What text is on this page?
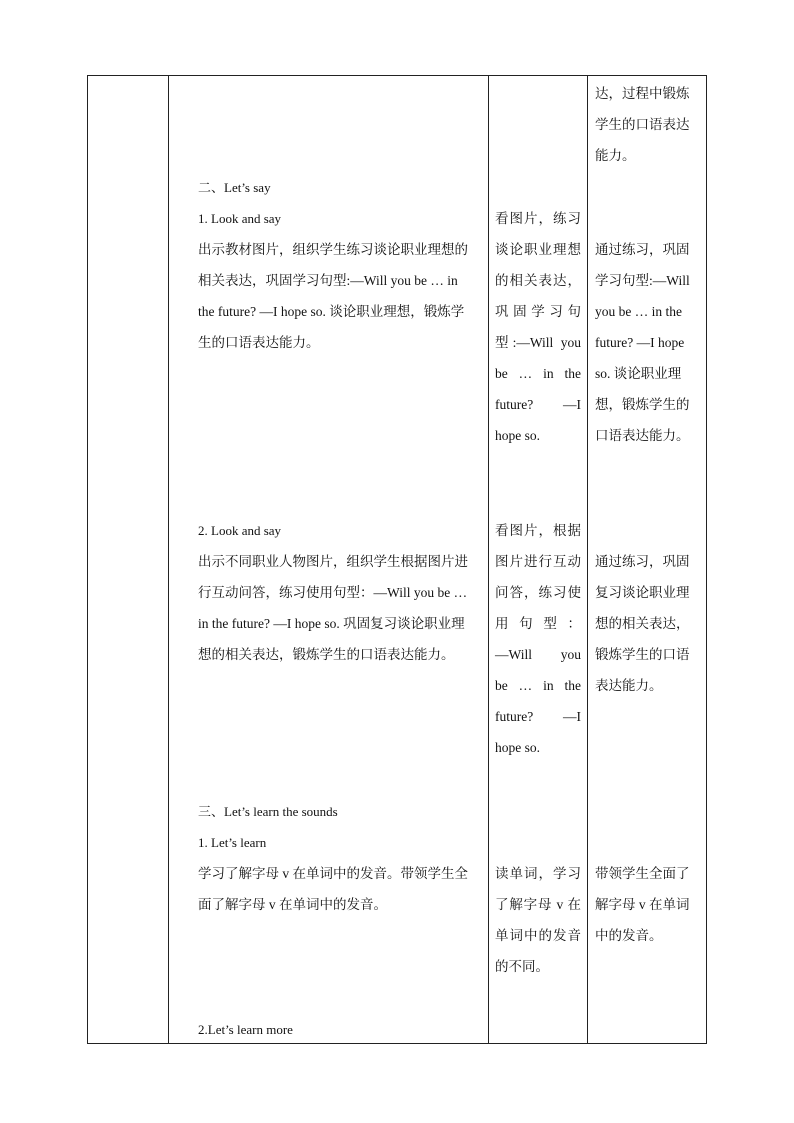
达，过程中锻炼

学生的口语表达

能力。

二、Let’s say
1. Look and say

出示教材图片，组织学生练习谈论职业理想的

相关表达，巩固学习句型:—Will you be … in

the future? —I hope so. 谈论职业理想，锻炼学

生的口语表达能力。

看图片，练习

谈论职业理想

的相关表达，

巩固学习句

型:—Will you

be … in the

future? —I

hope so.

通过练习，巩固

学习句型:—Will

you be … in the

future? —I hope

so. 谈论职业理

想，锻炼学生的

口语表达能力。

2. Look and say

出示不同职业人物图片，组织学生根据图片进

行互动问答，练习使用句型：—Will you be …

in the future? —I hope so. 巩固复习谈论职业理

想的相关表达，锻炼学生的口语表达能力。

看图片，根据

图片进行互动

问答，练习使

用 句 型 ：

—Will you

be … in the

future? —I

hope so.

通过练习，巩固

复习谈论职业理

想的相关表达，

锻炼学生的口语

表达能力。

三、Let’s learn the sounds
1. Let’s learn

学习了解字母 v 在单词中的发音。带领学生全

面了解字母 v 在单词中的发音。

读单词，学习

了解字母 v 在

单词中的发音

的不同。

带领学生全面了

解字母 v 在单词

中的发音。

2.Let’s learn more
